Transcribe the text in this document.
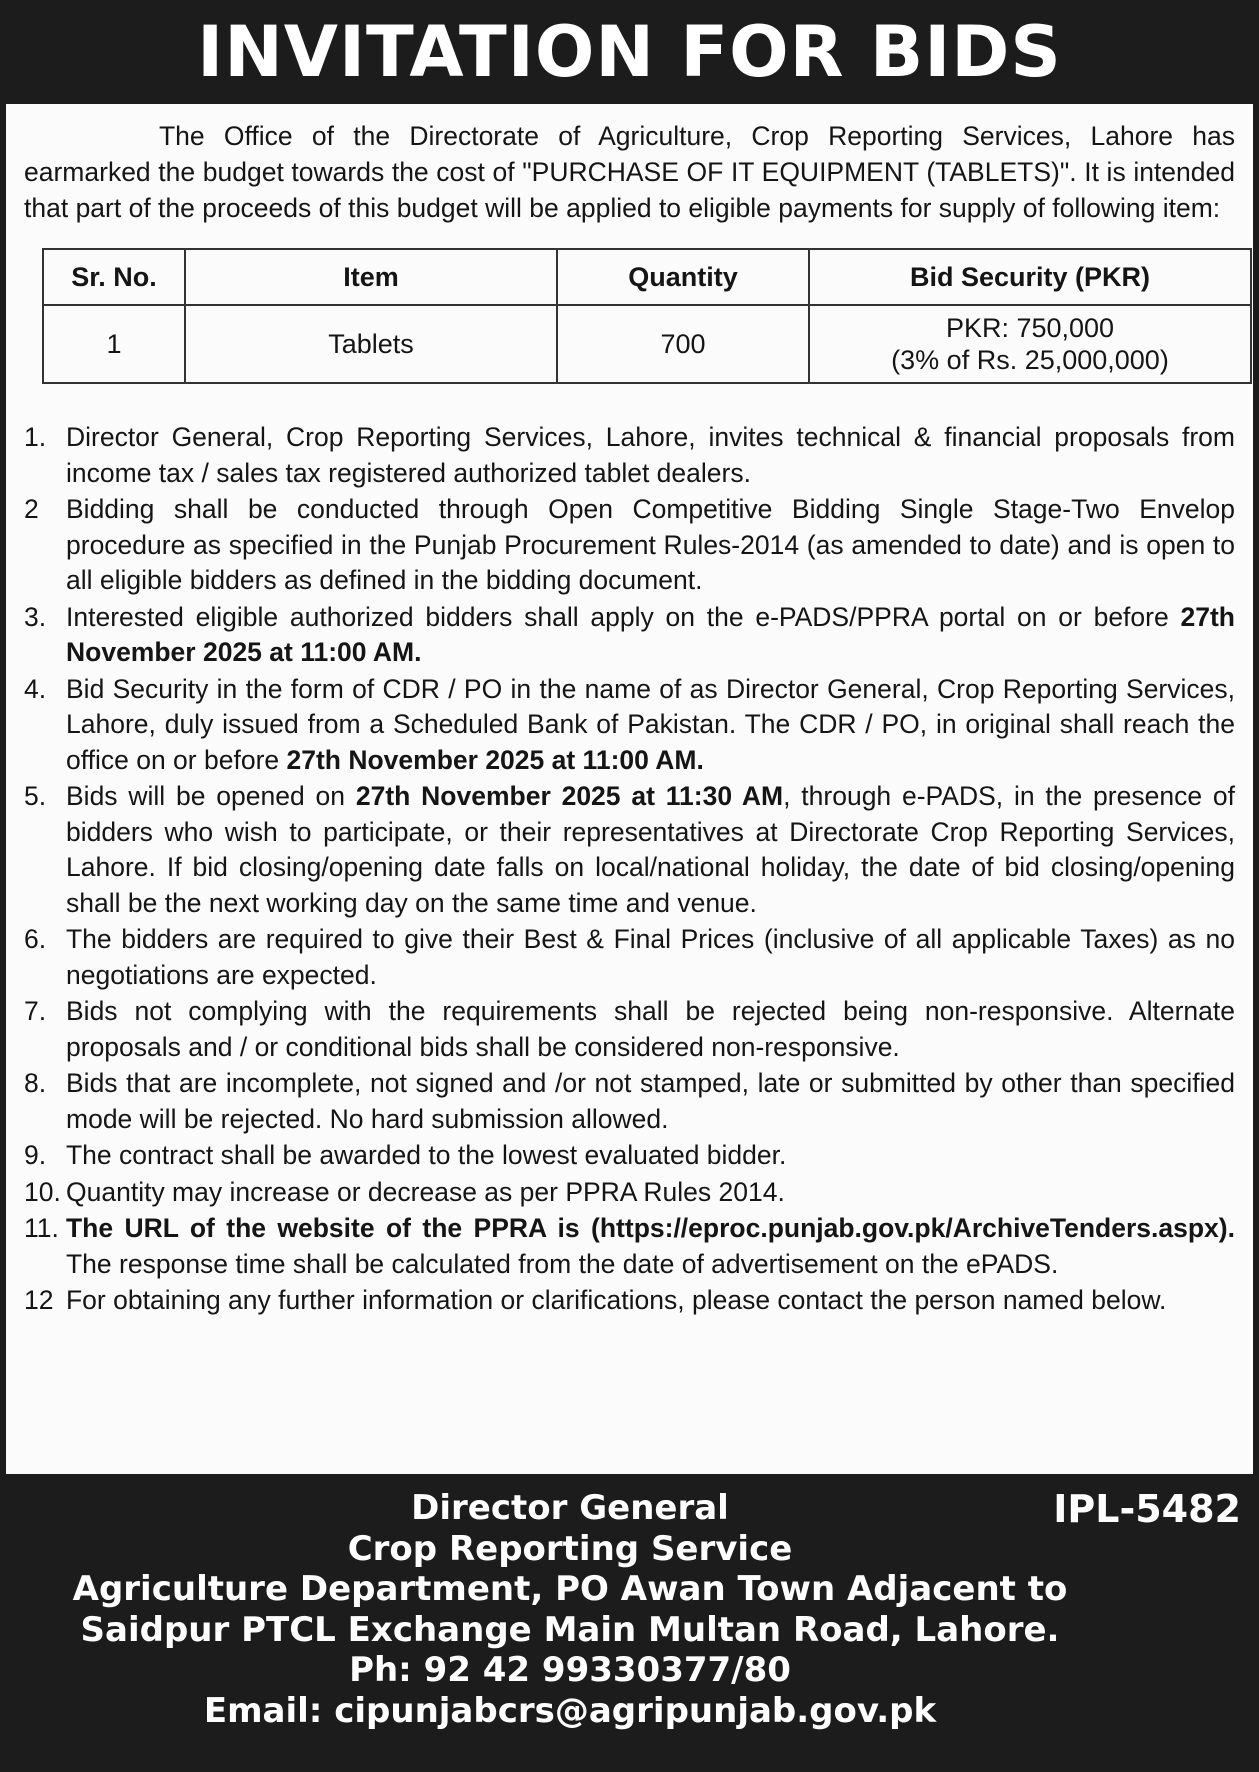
INVITATION FOR BIDS

The Office of the Directorate of Agriculture, Crop Reporting Services, Lahore has earmarked the budget towards the cost of "PURCHASE OF IT EQUIPMENT (TABLETS)". It is intended that part of the proceeds of this budget will be applied to eligible payments for supply of following item:

Sr. No.	Item	Quantity	Bid Security (PKR)
1	Tablets	700	PKR: 750,000
(3% of Rs. 25,000,000)
1. Director General, Crop Reporting Services, Lahore, invites technical & financial proposals from income tax / sales tax registered authorized tablet dealers.
2	Bidding shall be conducted through Open Competitive Bidding Single Stage-Two Envelop procedure as specified in the Punjab Procurement Rules-2014 (as amended to date) and is open to all eligible bidders as defined in the bidding document.
3. Interested eligible authorized bidders shall apply on the e-PADS/PPRA portal on or before 27th November 2025 at 11:00 AM.
4. Bid Security in the form of CDR / PO in the name of as Director General, Crop Reporting Services, Lahore, duly issued from a Scheduled Bank of Pakistan. The CDR / PO, in original shall reach the office on or before 27th November 2025 at 11:00 AM.
5. Bids will be opened on 27th November 2025 at 11:30 AM, through e-PADS, in the presence of bidders who wish to participate, or their representatives at Directorate Crop Reporting Services, Lahore. If bid closing/opening date falls on local/national holiday, the date of bid closing/opening shall be the next working day on the same time and venue.
6. The bidders are required to give their Best & Final Prices (inclusive of all applicable Taxes) as no negotiations are expected.
7. Bids not complying with the requirements shall be rejected being non-responsive. Alternate proposals and / or conditional bids shall be considered non-responsive.
8. Bids that are incomplete, not signed and /or not stamped, late or submitted by other than specified mode will be rejected. No hard submission allowed.
9. The contract shall be awarded to the lowest evaluated bidder.
10. Quantity may increase or decrease as per PPRA Rules 2014.
11. The URL of the website of the PPRA is (https://eproc.punjab.gov.pk/ArchiveTenders.aspx). The response time shall be calculated from the date of advertisement on the ePADS.
12 For obtaining any further information or clarifications, please contact the person named below.
Director General
Crop Reporting Service
Agriculture Department, PO Awan Town Adjacent to
Saidpur PTCL Exchange Main Multan Road, Lahore.
Ph: 92 42 99330377/80
Email: cipunjabcrs@agripunjab.gov.pk
IPL-5482
